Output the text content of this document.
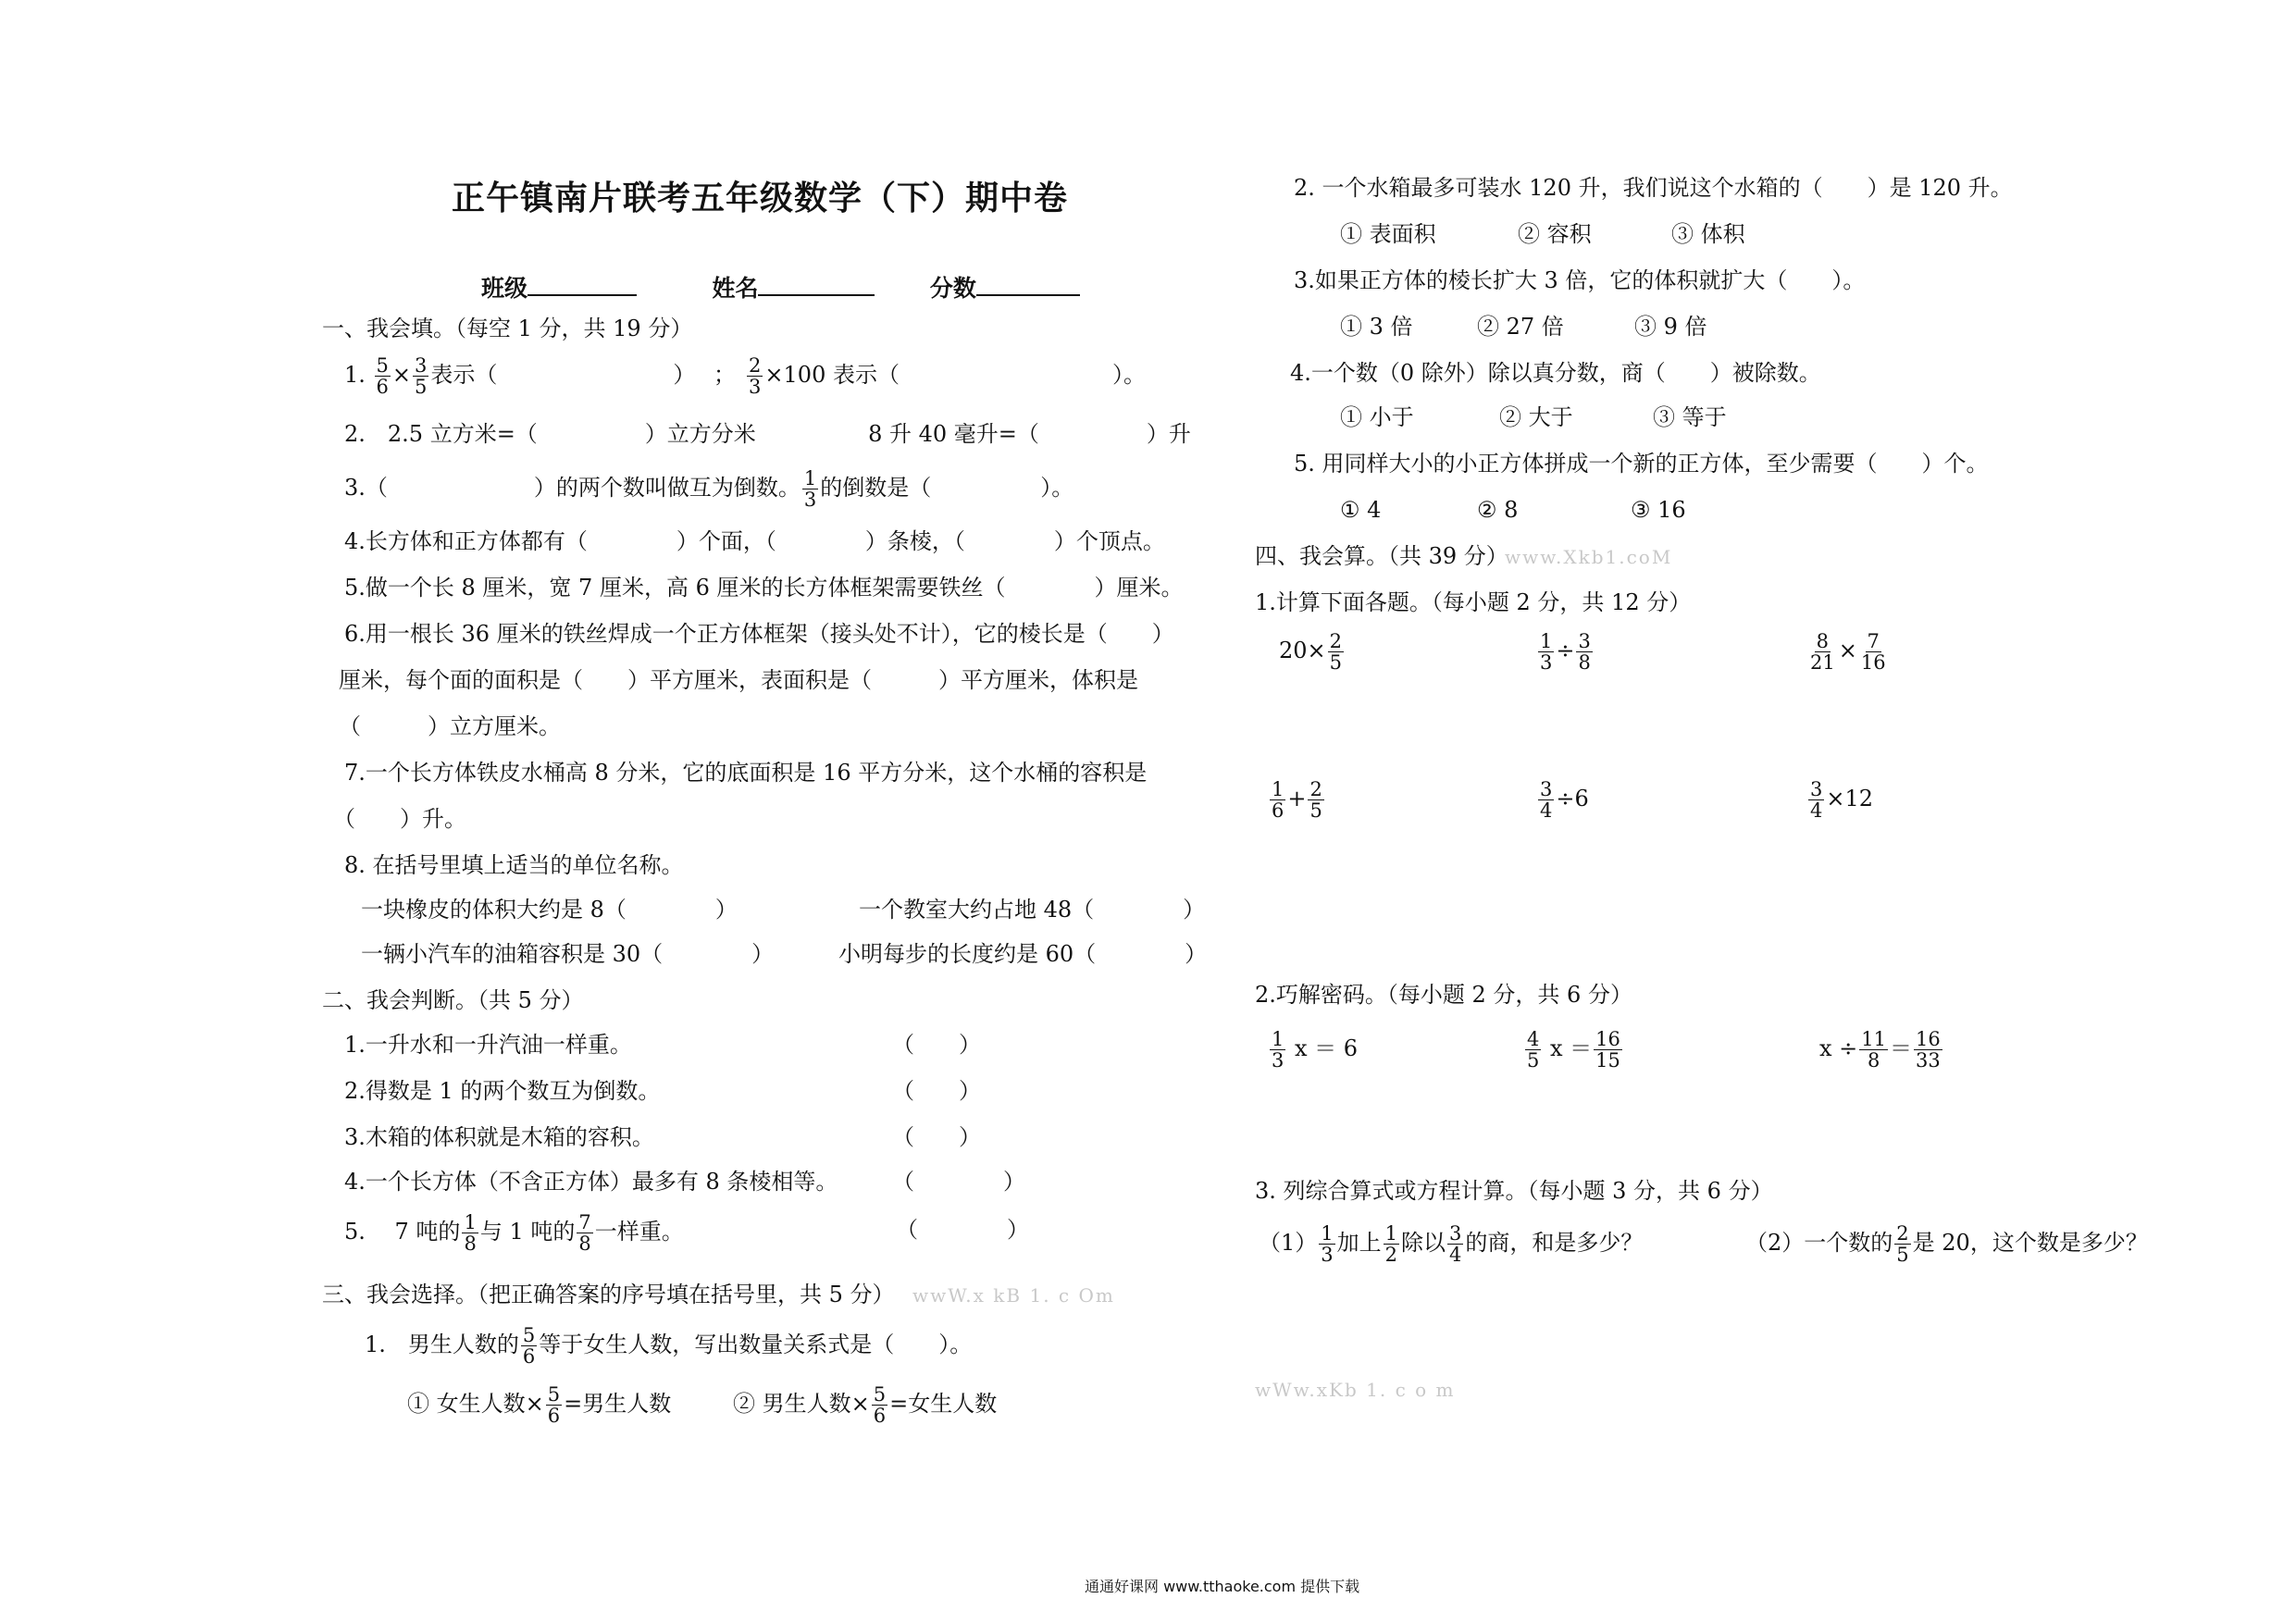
正午镇南片联考五年级数学（下）期中卷
班级	姓名	分数
一、我会填。（每空 1 分，共 19 分）
1. $\frac{5}{6} \times \frac{3}{5}$ 表示（	） ； $\frac{2}{3} \times 100$ 表示（	）。
2.　2.5 立方米=（	）立方分米	8 升 40 毫升=（	）升
3.（	）的两个数叫做互为倒数。 $\frac{1}{3}$ 的倒数是（	）。
4.长方体和正方体都有（　　　　）个面，（　　　　）条棱，（　　　　）个顶点。
5.做一个长 8 厘米，宽 7 厘米，高 6 厘米的长方体框架需要铁丝（　　　　）厘米。
6.用一根长 36 厘米的铁丝焊成一个正方体框架（接头处不计），它的棱长是（　　）
厘米，每个面的面积是（　　）平方厘米，表面积是（　　　）平方厘米，体积是
（　　　）立方厘米。
7.一个长方体铁皮水桶高 8 分米，它的底面积是 16 平方分米，这个水桶的容积是
（　　）升。
8. 在括号里填上适当的单位名称。
一块橡皮的体积大约是 8（　　　　）	一个教室大约占地 48（　　　　）
一辆小汽车的油箱容积是 30（　　　　）	小明每步的长度约是 60（　　　　）
二、我会判断。（共 5 分）
1.一升水和一升汽油一样重。	（　　）
2.得数是 1 的两个数互为倒数。	（　　）
3.木箱的体积就是木箱的容积。	（　　）
4.一个长方体（不含正方体）最多有 8 条棱相等。 （　　　　）
5.　 7 吨的 $\frac{1}{8}$ 与 1 吨的 $\frac{7}{8}$ 一样重。	（　　　　）
三、我会选择。（把正确答案的序号填在括号里，共 5 分） wwW.x kB 1. c Om
1.　男生人数的 $\frac{5}{6}$ 等于女生人数，写出数量关系式是（　　）。
① 女生人数× $\frac{5}{6}$ =男生人数	② 男生人数× $\frac{5}{6}$ =女生人数
2. 一个水箱最多可装水 120 升，我们说这个水箱的（　　）是 120 升。
① 表面积	② 容积	③ 体积
3.如果正方体的棱长扩大 3 倍，它的体积就扩大（　　）。
① 3 倍	② 27 倍	③ 9 倍
4.一个数（0 除外）除以真分数，商（　　）被除数。
① 小于	② 大于	③ 等于
5. 用同样大小的小正方体拼成一个新的正方体，至少需要（　　）个。
① 4	② 8	③ 16
四、我会算。（共 39 分）
www.Xkb1.coM
1.计算下面各题。（每小题 2 分，共 12 分）
$20\times \frac{2}{5}$	$\frac{1}{3} \div \frac{3}{8}$	$\frac{8}{21} \times \frac{7}{16}$
$\frac{1}{6} + \frac{2}{5}$	$\frac{3}{4} \div 6$	$\frac{3}{4} \times 12$
2.巧解密码。（每小题 2 分，共 6 分）
$\frac{1}{3}$ x ＝ 6	$\frac{4}{5}$ $x = \frac{16}{15}$	$x \div \frac{11}{8} = \frac{16}{33}$
3. 列综合算式或方程计算。（每小题 3 分，共 6 分）
$(1) \frac{1}{3}$ 加上 $\frac{1}{2}$ 除以 $\frac{3}{4}$ 的商，和是多少？	（2）一个数的 $\frac{2}{5}$ 是 20，这个数是多少？
wWw.xKb 1. c o m
通通好课网 www.tthaoke.com 提供下载
